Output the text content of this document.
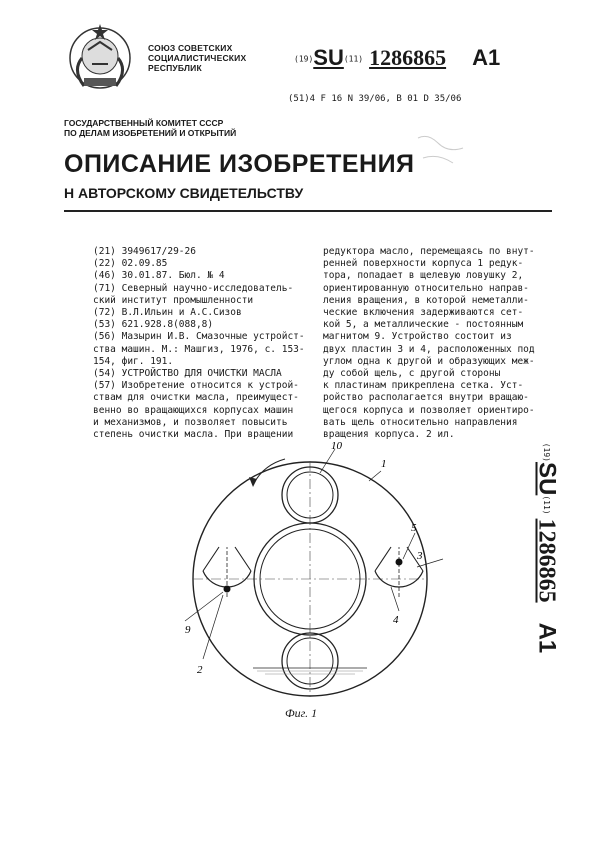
СОЮЗ СОВЕТСКИХ
СОЦИАЛИСТИЧЕСКИХ
РЕСПУБЛИК
(19)SU(11) 1286865 A1
(51)4 F 16 N 39/06, B 01 D 35/06
ГОСУДАРСТВЕННЫЙ КОМИТЕТ СССР
ПО ДЕЛАМ ИЗОБРЕТЕНИЙ И ОТКРЫТИЙ
ОПИСАНИЕ ИЗОБРЕТЕНИЯ
Н АВТОРСКОМУ СВИДЕТЕЛЬСТВУ
(21) 3949617/29-26
(22) 02.09.85
(46) 30.01.87. Бюл. № 4
(71) Северный научно-исследователь-
ский институт промышленности
(72) В.Л.Ильин и А.С.Сизов
(53) 621.928.8(088,8)
(56) Мазырин И.В. Смазочные устройст-
ства машин. М.: Машгиз, 1976, с. 153-
154, фиг. 191.
(54) УСТРОЙСТВО ДЛЯ ОЧИСТКИ МАСЛА
(57) Изобретение относится к устрой-
ствам для очистки масла, преимущест-
венно во вращающихся корпусах машин
и механизмов, и позволяет повысить
степень очистки масла. При вращении
редуктора масло, перемещаясь по внут-
ренней поверхности корпуса 1 редук-
тора, попадает в щелевую ловушку 2,
ориентированную относительно направ-
ления вращения, в которой неметалли-
ческие включения задерживаются сет-
кой 5, а металлические - постоянным
магнитом 9. Устройство состоит из
двух пластин 3 и 4, расположенных под
углом одна к другой и образующих меж-
ду собой щель, с другой стороны
к пластинам прикреплена сетка. Уст-
ройство располагается внутри вращаю-
щегося корпуса и позволяет ориентиро-
вать щель относительно направления
вращения корпуса. 2 ил.
(19)SU(11)1286865A1
10
1
5
3
4
9
2
Фиг. 1
